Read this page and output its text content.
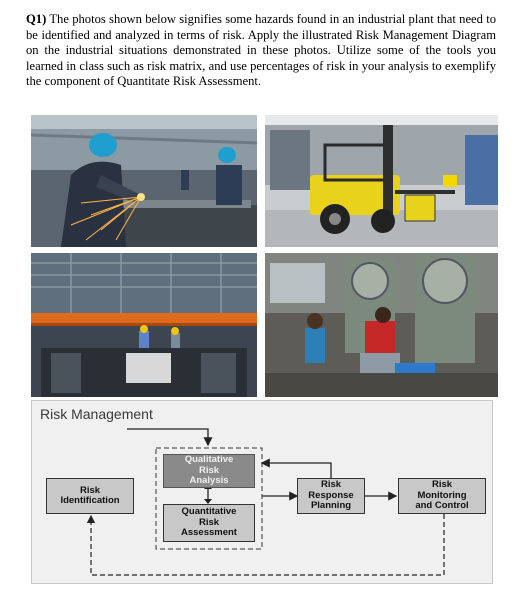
Q1) The photos shown below signifies some hazards found in an industrial plant that need to be identified and analyzed in terms of risk. Apply the illustrated Risk Management Diagram on the industrial situations demonstrated in these photos. Utilize some of the tools you learned in class such as risk matrix, and use percentages of risk in your analysis to exemplify the component of Quantitate Risk Assessment.
Risk Management
Risk
Identification
Qualitative
Risk
Analysis
Quantitative
Risk
Assessment
Risk
Response
Planning
Risk
Monitoring
and Control
